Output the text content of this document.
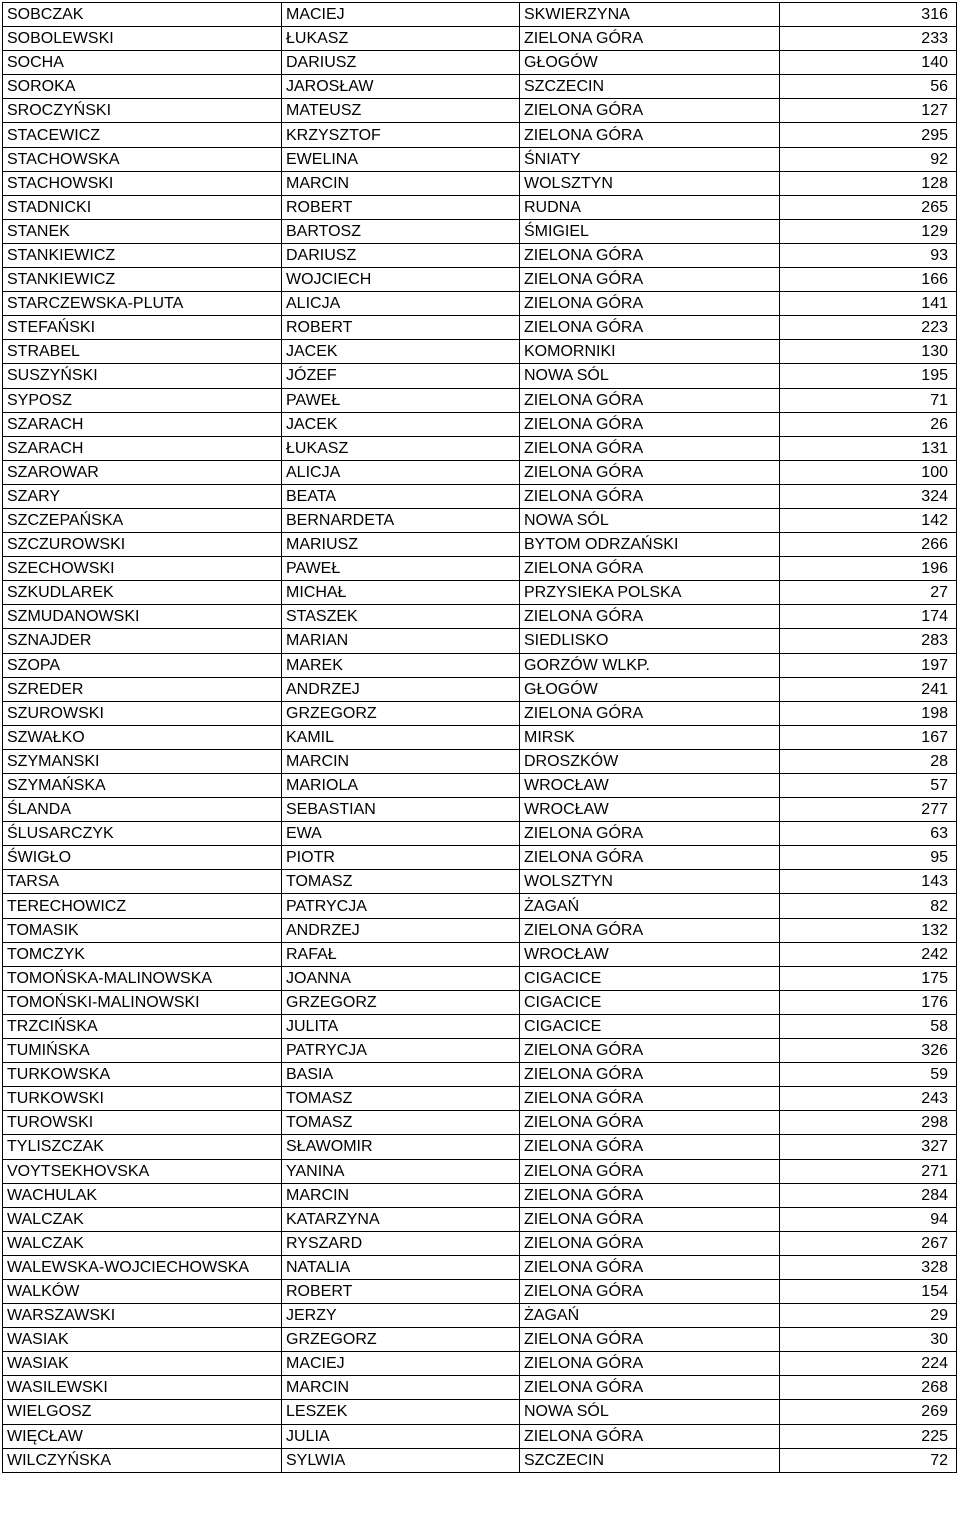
SOBCZAK	MACIEJ	SKWIERZYNA	316
SOBOLEWSKI	ŁUKASZ	ZIELONA GÓRA	233
SOCHA	DARIUSZ	GŁOGÓW	140
SOROKA	JAROSŁAW	SZCZECIN	56
SROCZYŃSKI	MATEUSZ	ZIELONA GÓRA	127
STACEWICZ	KRZYSZTOF	ZIELONA GÓRA	295
STACHOWSKA	EWELINA	ŚNIATY	92
STACHOWSKI	MARCIN	WOLSZTYN	128
STADNICKI	ROBERT	RUDNA	265
STANEK	BARTOSZ	ŚMIGIEL	129
STANKIEWICZ	DARIUSZ	ZIELONA GÓRA	93
STANKIEWICZ	WOJCIECH	ZIELONA GÓRA	166
STARCZEWSKA-PLUTA	ALICJA	ZIELONA GÓRA	141
STEFAŃSKI	ROBERT	ZIELONA GÓRA	223
STRABEL	JACEK	KOMORNIKI	130
SUSZYŃSKI	JÓZEF	NOWA SÓL	195
SYPOSZ	PAWEŁ	ZIELONA GÓRA	71
SZARACH	JACEK	ZIELONA GÓRA	26
SZARACH	ŁUKASZ	ZIELONA GÓRA	131
SZAROWAR	ALICJA	ZIELONA GÓRA	100
SZARY	BEATA	ZIELONA GÓRA	324
SZCZEPAŃSKA	BERNARDETA	NOWA SÓL	142
SZCZUROWSKI	MARIUSZ	BYTOM ODRZAŃSKI	266
SZECHOWSKI	PAWEŁ	ZIELONA GÓRA	196
SZKUDLAREK	MICHAŁ	PRZYSIEKA POLSKA	27
SZMUDANOWSKI	STASZEK	ZIELONA GÓRA	174
SZNAJDER	MARIAN	SIEDLISKO	283
SZOPA	MAREK	GORZÓW WLKP.	197
SZREDER	ANDRZEJ	GŁOGÓW	241
SZUROWSKI	GRZEGORZ	ZIELONA GÓRA	198
SZWAŁKO	KAMIL	MIRSK	167
SZYMANSKI	MARCIN	DROSZKÓW	28
SZYMAŃSKA	MARIOLA	WROCŁAW	57
ŚLANDA	SEBASTIAN	WROCŁAW	277
ŚLUSARCZYK	EWA	ZIELONA GÓRA	63
ŚWIGŁO	PIOTR	ZIELONA GÓRA	95
TARSA	TOMASZ	WOLSZTYN	143
TERECHOWICZ	PATRYCJA	ŻAGAŃ	82
TOMASIK	ANDRZEJ	ZIELONA GÓRA	132
TOMCZYK	RAFAŁ	WROCŁAW	242
TOMOŃSKA-MALINOWSKA	JOANNA	CIGACICE	175
TOMOŃSKI-MALINOWSKI	GRZEGORZ	CIGACICE	176
TRZCIŃSKA	JULITA	CIGACICE	58
TUMIŃSKA	PATRYCJA	ZIELONA GÓRA	326
TURKOWSKA	BASIA	ZIELONA GÓRA	59
TURKOWSKI	TOMASZ	ZIELONA GÓRA	243
TUROWSKI	TOMASZ	ZIELONA GÓRA	298
TYLISZCZAK	SŁAWOMIR	ZIELONA GÓRA	327
VOYTSEKHOVSKA	YANINA	ZIELONA GÓRA	271
WACHULAK	MARCIN	ZIELONA GÓRA	284
WALCZAK	KATARZYNA	ZIELONA GÓRA	94
WALCZAK	RYSZARD	ZIELONA GÓRA	267
WALEWSKA-WOJCIECHOWSKA	NATALIA	ZIELONA GÓRA	328
WALKÓW	ROBERT	ZIELONA GÓRA	154
WARSZAWSKI	JERZY	ŻAGAŃ	29
WASIAK	GRZEGORZ	ZIELONA GÓRA	30
WASIAK	MACIEJ	ZIELONA GÓRA	224
WASILEWSKI	MARCIN	ZIELONA GÓRA	268
WIELGOSZ	LESZEK	NOWA SÓL	269
WIĘCŁAW	JULIA	ZIELONA GÓRA	225
WILCZYŃSKA	SYLWIA	SZCZECIN	72
